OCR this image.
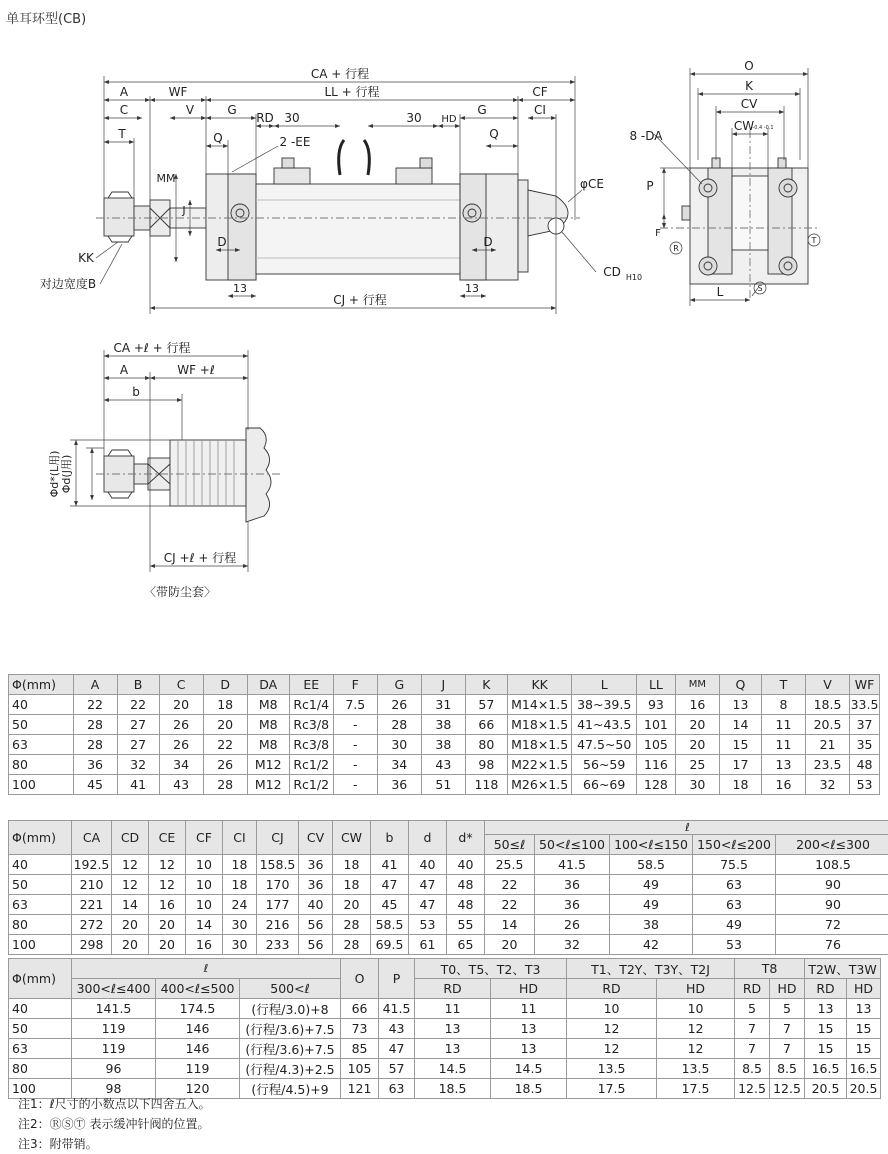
单耳环型(CB)
CA + 行程
A	WF	LL + 行程	CF
C	V	G
RD 30	30 HD
G	CI
T	Q	2 -EE
Q
MM
J
D	D
KK
对边宽度B	13	13
CJ + 行程
φCE
CD H10
O
K
CV
CW
-0.4 -0.1
8 -DA
P
F
L
R
T
S
CA +ℓ + 行程
A	WF +ℓ
b
Φd*(L用) Φd(J用)
CJ +ℓ + 行程
〈带防尘套〉
Φ(mm)	A	B	C	D	DA	EE	F	G	J	K	KK	L	LL	MM	Q	T	V	WF
40	22	22	20	18	M8	Rc1/4	7.5	26	31	57	M14×1.5	38~39.5	93	16	13	8	18.5	33.5
50	28	27	26	20	M8	Rc3/8	-	28	38	66	M18×1.5	41~43.5	101	20	14	11	20.5	37
63	28	27	26	22	M8	Rc3/8	-	30	38	80	M18×1.5	47.5~50	105	20	15	11	21	35
80	36	32	34	26	M12	Rc1/2	-	34	43	98	M22×1.5	56~59	116	25	17	13	23.5	48
100	45	41	43	28	M12	Rc1/2	-	36	51	118	M26×1.5	66~69	128	30	18	16	32	53
Φ(mm)	CA	CD	CE	CF	CI	CJ	CV	CW	b	d	d*	ℓ				
												50≤ℓ	50<ℓ≤100	100<ℓ≤150	150<ℓ≤200	200<ℓ≤300
40	192.5	12	12	10	18	158.5	36	18	41	40	40	25.5	41.5	58.5	75.5	108.5
50	210	12	12	10	18	170	36	18	47	47	48	22	36	49	63	90
63	221	14	16	10	24	177	40	20	45	47	48	22	36	49	63	90
80	272	20	20	14	30	216	56	28	58.5	53	55	14	26	38	49	72
100	298	20	20	16	30	233	56	28	69.5	61	65	20	32	42	53	76
Φ(mm)	ℓ			O	P	T0、T5、T2、T3		T1、T2Y、T3Y、T2J		T8		T2W、T3W	
	300<ℓ≤400	400<ℓ≤500	500<ℓ			RD	HD	RD	HD	RD	HD	RD	HD
40	141.5	174.5	(行程/3.0)+8	66	41.5	11	11	10	10	5	5	13	13
50	119	146	(行程/3.6)+7.5	73	43	13	13	12	12	7	7	15	15
63	119	146	(行程/3.6)+7.5	85	47	13	13	12	12	7	7	15	15
80	96	119	(行程/4.3)+2.5	105	57	14.5	14.5	13.5	13.5	8.5	8.5	16.5	16.5
100	98	120	(行程/4.5)+9	121	63	18.5	18.5	17.5	17.5	12.5	12.5	20.5	20.5
注1：ℓ尺寸的小数点以下四舍五入。
注2：ⓇⓈⓉ 表示缓冲针阀的位置。
注3：附带销。
